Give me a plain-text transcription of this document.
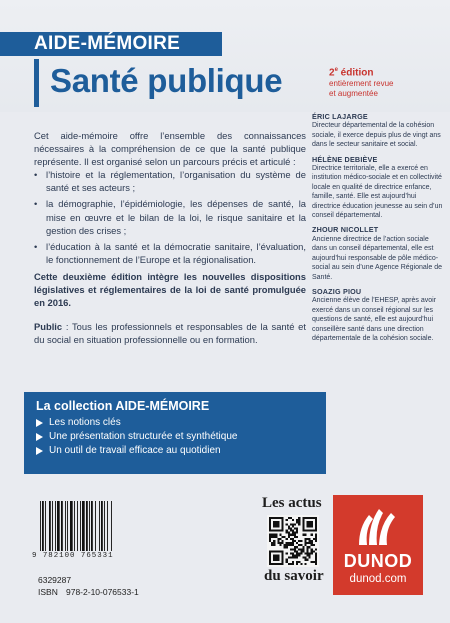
AIDE-MÉMOIRE
Santé publique	2e édition
entièrement revue
et augmentée

Cet aide-mémoire offre l’ensemble des connaissances nécessaires à la compréhension de ce que la santé publique représente. Il est organisé selon un parcours précis et articulé :

• l’histoire et la réglementation, l’organisation du système de santé et ses acteurs ;
• la démographie, l’épidémiologie, les dépenses de santé, la mise en œuvre et le bilan de la loi, le risque sanitaire et la gestion des crises ;
• l’éducation à la santé et la démocratie sanitaire, l’évaluation, le fonctionnement de l’Europe et la régionalisation.

Cette deuxième édition intègre les nouvelles dispositions législatives et réglementaires de la loi de santé promulguée en 2016.

Public : Tous les professionnels et responsables de la santé et du social en situation professionnelle ou en formation.

ÉRIC LAJARGE
Directeur départemental de la cohésion sociale, il exerce depuis plus de vingt ans dans le secteur sanitaire et social.
HÉLÈNE DEBIÈVE
Directrice territoriale, elle a exercé en institution médico-sociale et en collectivité locale en qualité de directrice enfance, famille, santé. Elle est aujourd’hui directrice éducation jeunesse au sein d’un conseil départemental.
ZHOUR NICOLLET
Ancienne directrice de l’action sociale dans un conseil départemental, elle est aujourd’hui responsable de pôle médico-social au sein d’une Agence Régionale de Santé.
SOAZIG PIOU
Ancienne élève de l’EHESP, après avoir exercé dans un conseil régional sur les questions de santé, elle est aujourd’hui conseillère santé dans une direction départementale de la cohésion sociale.
La collection AIDE-MÉMOIRE
Les notions clés
Une présentation structurée et synthétique
Un outil de travail efficace au quotidien
9 782100 765331
6329287
ISBN 978-2-10-076533-1
Les actus
du savoir
DUNOD
dunod.com
